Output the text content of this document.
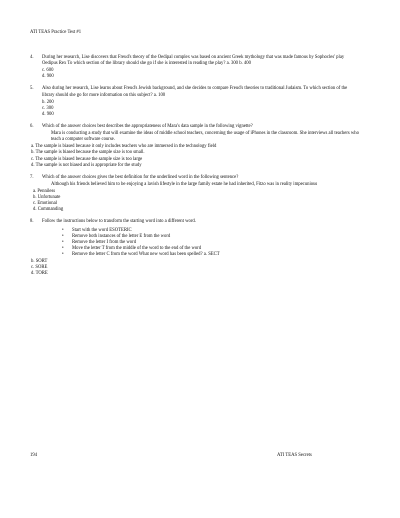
ATI TEAS Practice Test #1
4.	During her research, Lise discovers that Freud's theory of the Oedipal complex was based on ancient Greek mythology that was made famous by Sophocles' play Oedipus Rex To which section of the library should she go if she is interested in reading the play? a. 300 b. 400

c. 600
d. 900
5.	Also during her research, Lise learns about Freud's Jewish background, and she decides to compare Freud's theories to traditional Judaism. To which section of the library should she go for more information on this subject? a. 100

b. 200
c. 300
d. 900
6.	Which of the answer choices best describes the appropriateness of Mara's data sample in the following vignette?

Mara is conducting a study that will examine the ideas of middle school teachers, concerning the usage of iPhones in the classroom. She interviews all teachers who teach a computer software course.

a. The sample is biased because it only includes teachers who are immersed in the technology field
b. The sample is biased because the sample size is too small.
c. The sample is biased because the sample size is too large
d. The sample is not biased and is appropriate for the study
7.	Which of the answer choices gives the best definition for the underlined word in the following sentence?

Although his friends believed him to be enjoying a lavish lifestyle in the large family estate he had inherited, Fitzo was in reality impecunious

a. Penniless
b. Unfortunate
c. Emotional
d. Commanding
8.	Follow the instructions below to transform the starting word into a different word.

• Start with the word ESOTERIC
• Remove both instances of the letter E from the word
• Remove the letter I from the word
• Move the letter T from the middle of the word to the end of the word
• Remove the letter C from the word What new word has been spelled? a. SECT
b. SORT
c. SORE
d. TORE
194	ATI TEAS Secrets
